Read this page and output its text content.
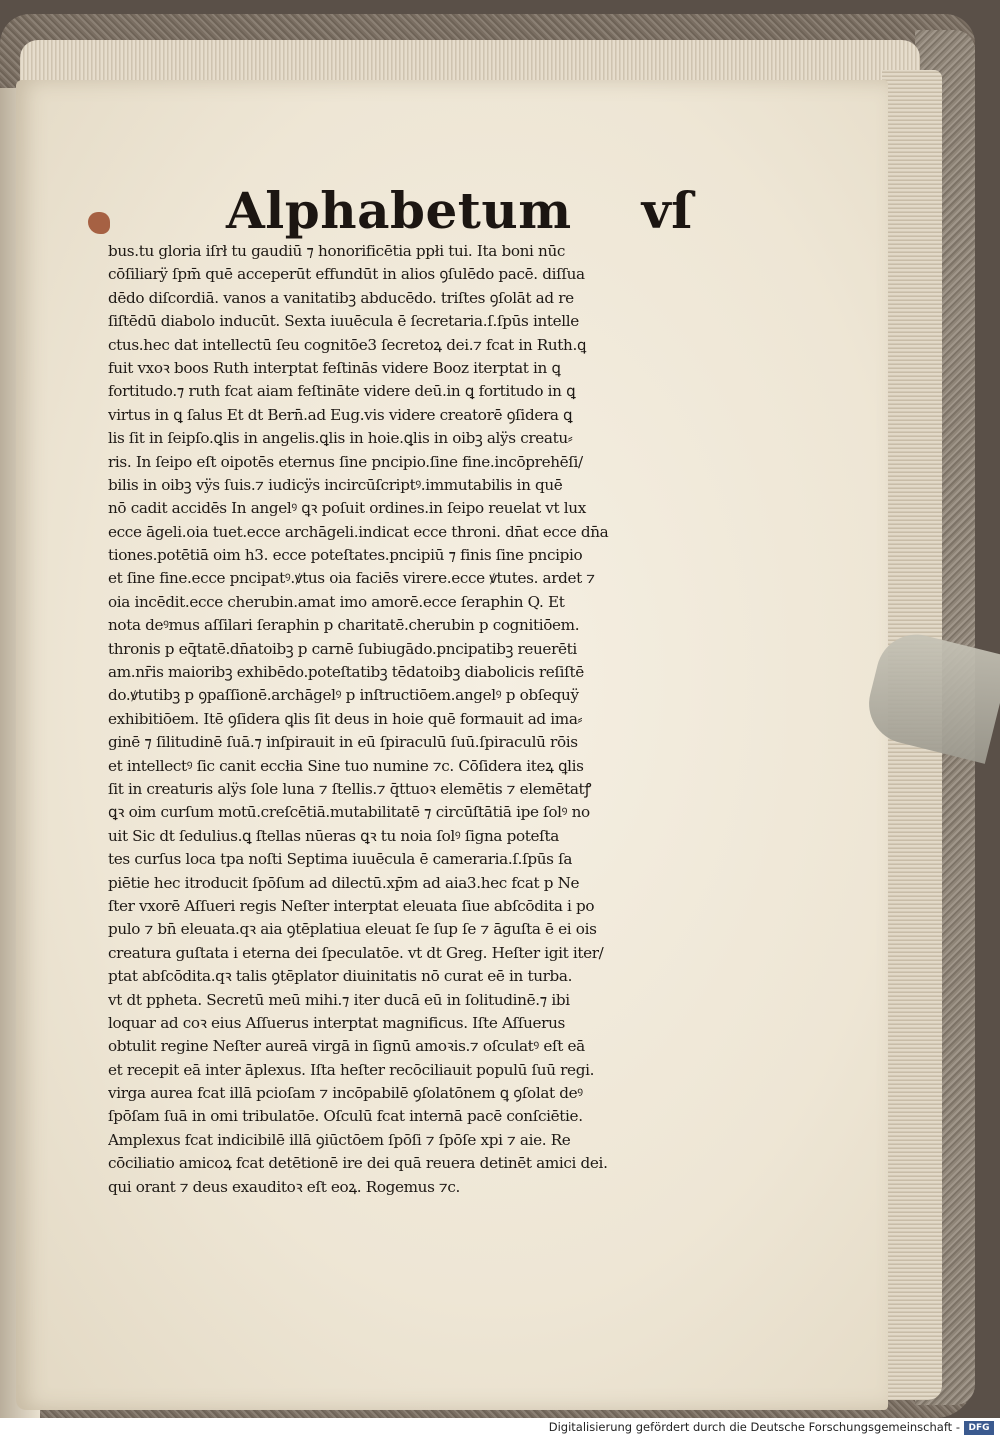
Alphabetum vſ

bus.tu gloria iſrł tu gaudiū ⁊ honorificētia ppłi tui. Ita boni nūc

cōſiliarÿ ſpm̄ quē acceperūt effundūt in alios ꝯſulēdo pacē. diſſua

dēdo diſcordiā. vanos a vanitatibꝫ abducēdo. triſtes ꝯſolāt ad re

ſiſtēdū diabolo inducūt. Sexta iuuēcula ē ſecretaria.ſ.ſpūs intelle

ctus.hec dat intellectū ſeu cognitōe3 ſecretoꝝ dei.⁊ fcat in Ruth.ꝗ

fuit vxoꝛ boos Ruth interptat feſtinās videre Booz iterptat in ꝗ

fortitudo.⁊ ruth fcat aiam feſtināte videre deū.in ꝗ fortitudo in ꝗ

virtus in ꝗ ſalus Et dt Bern̄.ad Eug.vis videre creatorē ꝯſidera ꝗ

lis ſit in ſeipſo.ꝗlis in angelis.ꝗlis in hoie.ꝗlis in oibꝫ alÿs creatu⸗

ris. In ſeipo eſt oipotēs eternus ſine pncipio.ſine fine.incōprehēſi/

bilis in oibꝫ vÿs ſuis.⁊ iudicÿs incircūſcriptꝰ.immutabilis in quē

nō cadit accidēs In angelꝰ ꝗꝛ poſuit ordines.in ſeipo reuelat vt lux

ecce āgeli.oia tuet.ecce archāgeli.indicat ecce throni. dn̄at ecce dn̄a

tiones.potētiā oim h3. ecce poteſtates.pncipiū ⁊ finis ſine pncipio

et ſine fine.ecce pncipatꝰ.ꝟtus oia faciēs virere.ecce ꝟtutes. ardet ⁊

oia incēdit.ecce cherubin.amat imo amorē.ecce ſeraphin Q. Et

nota deꝰmus aſſilari ſeraphin p charitatē.cherubin p cognitiōem.

thronis p eq̄tatē.dn̄atoibꝫ p carnē ſubiugādo.pncipatibꝫ reuerēti

am.nr̄is maioribꝫ exhibēdo.poteſtatibꝫ tēdatoibꝫ diabolicis reſiſtē

do.ꝟtutibꝫ p ꝯpaſſionē.archāgelꝰ p inſtructiōem.angelꝰ p obſequÿ

exhibitiōem. Itē ꝯſidera ꝗlis ſit deus in hoie quē formauit ad ima⸗

ginē ⁊ ſilitudinē ſuā.⁊ inſpirauit in eū ſpiraculū ſuū.ſpiraculū rōis

et intellectꝰ ſic canit eccłia Sine tuo numine ⁊c. Cōſidera iteꝝ ꝗlis

ſit in creaturis alÿs ſole luna ⁊ ſtellis.⁊ q̄ttuoꝛ elemētis ⁊ elemētatꝭ

ꝗꝛ oim curſum motū.creſcētiā.mutabilitatē ⁊ circūſtātiā ipe ſolꝰ no

uit Sic dt ſedulius.ꝗ ſtellas nūeras ꝗꝛ tu noia ſolꝰ ſigna poteſta

tes curſus loca tpa noſti Septima iuuēcula ē cameraria.ſ.ſpūs ſa

piētie hec itroducit ſpōſum ad dilectū.xp̄m ad aia3.hec fcat p Ne

ſter vxorē Aſſueri regis Neſter interptat eleuata ſiue abſcōdita i po

pulo ⁊ bn̄ eleuata.qꝛ aia ꝯtēplatiua eleuat ſe ſup ſe ⁊ āguſta ē ei ois

creatura guſtata i eterna dei ſpeculatōe. vt dt Greg. Heſter igit iter/

ptat abſcōdita.qꝛ talis ꝯtēplator diuinitatis nō curat eē in turba.

vt dt ppheta. Secretū meū mihi.⁊ iter ducā eū in ſolitudinē.⁊ ibi

loquar ad coꝛ eius Aſſuerus interptat magnificus. Iſte Aſſuerus

obtulit regine Neſter aureā virgā in ſignū amoꝛis.⁊ oſculatꝰ eſt eā

et recepit eā inter āplexus. Iſta heſter recōciliauit populū ſuū regi.

virga aurea fcat illā pcioſam ⁊ incōpabilē ꝯſolatōnem ꝗ ꝯſolat deꝰ

ſpōſam ſuā in omi tribulatōe. Oſculū fcat internā pacē conſciētie.

Amplexus fcat indicibilē illā ꝯiūctōem ſpōſi ⁊ ſpōſe xpi ⁊ aie. Re

cōciliatio amicoꝝ fcat detētionē ire dei quā reuera detinēt amici dei.

qui orant ⁊ deus exauditoꝛ eſt eoꝝ. Rogemus ⁊c.

Digitalisierung gefördert durch die Deutsche Forschungsgemeinschaft - DFG
